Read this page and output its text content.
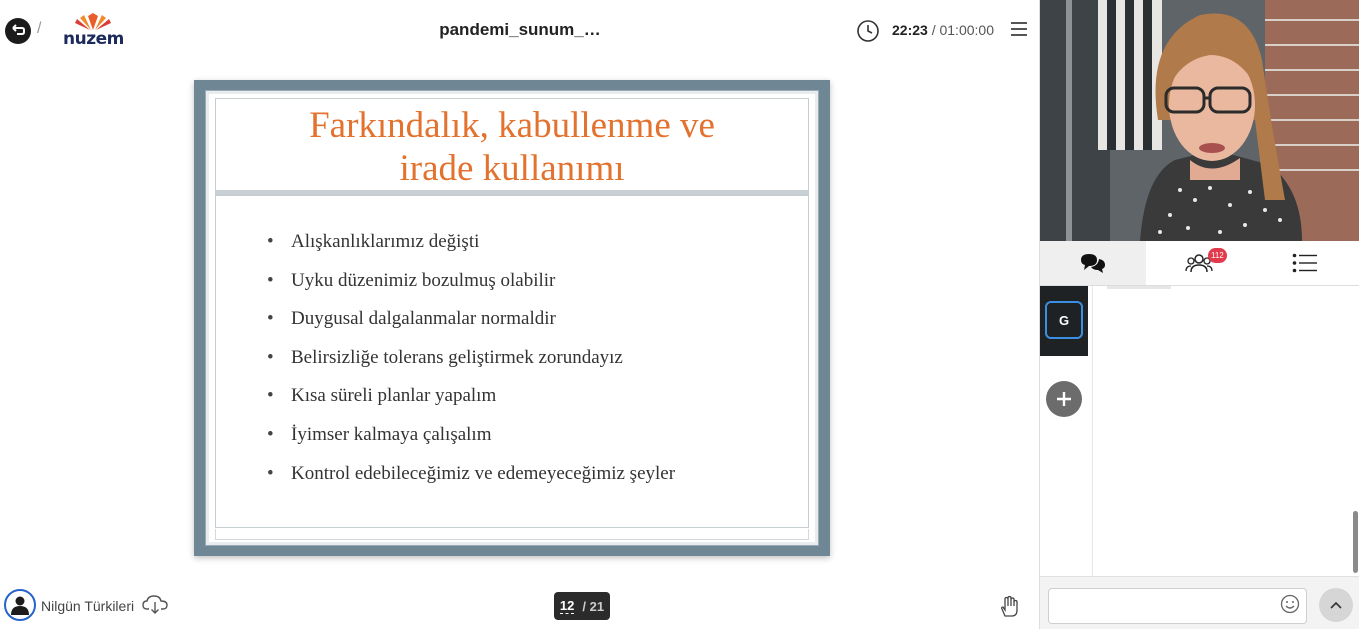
/
nuzem	pandemi_sunum_…	22:23 / 01:00:00
Farkındalık, kabullenme ve
irade kullanımı
• Alışkanlıklarımız değişti
• Uyku düzenimiz bozulmuş olabilir
• Duygusal dalgalanmalar normaldir
• Belirsizliğe tolerans geliştirmek zorundayız
• Kısa süreli planlar yapalım
• İyimser kalmaya çalışalım
• Kontrol edebileceğimiz ve edemeyeceğimiz şeyler
Nilgün Türkileri	12 / 21
112
G
